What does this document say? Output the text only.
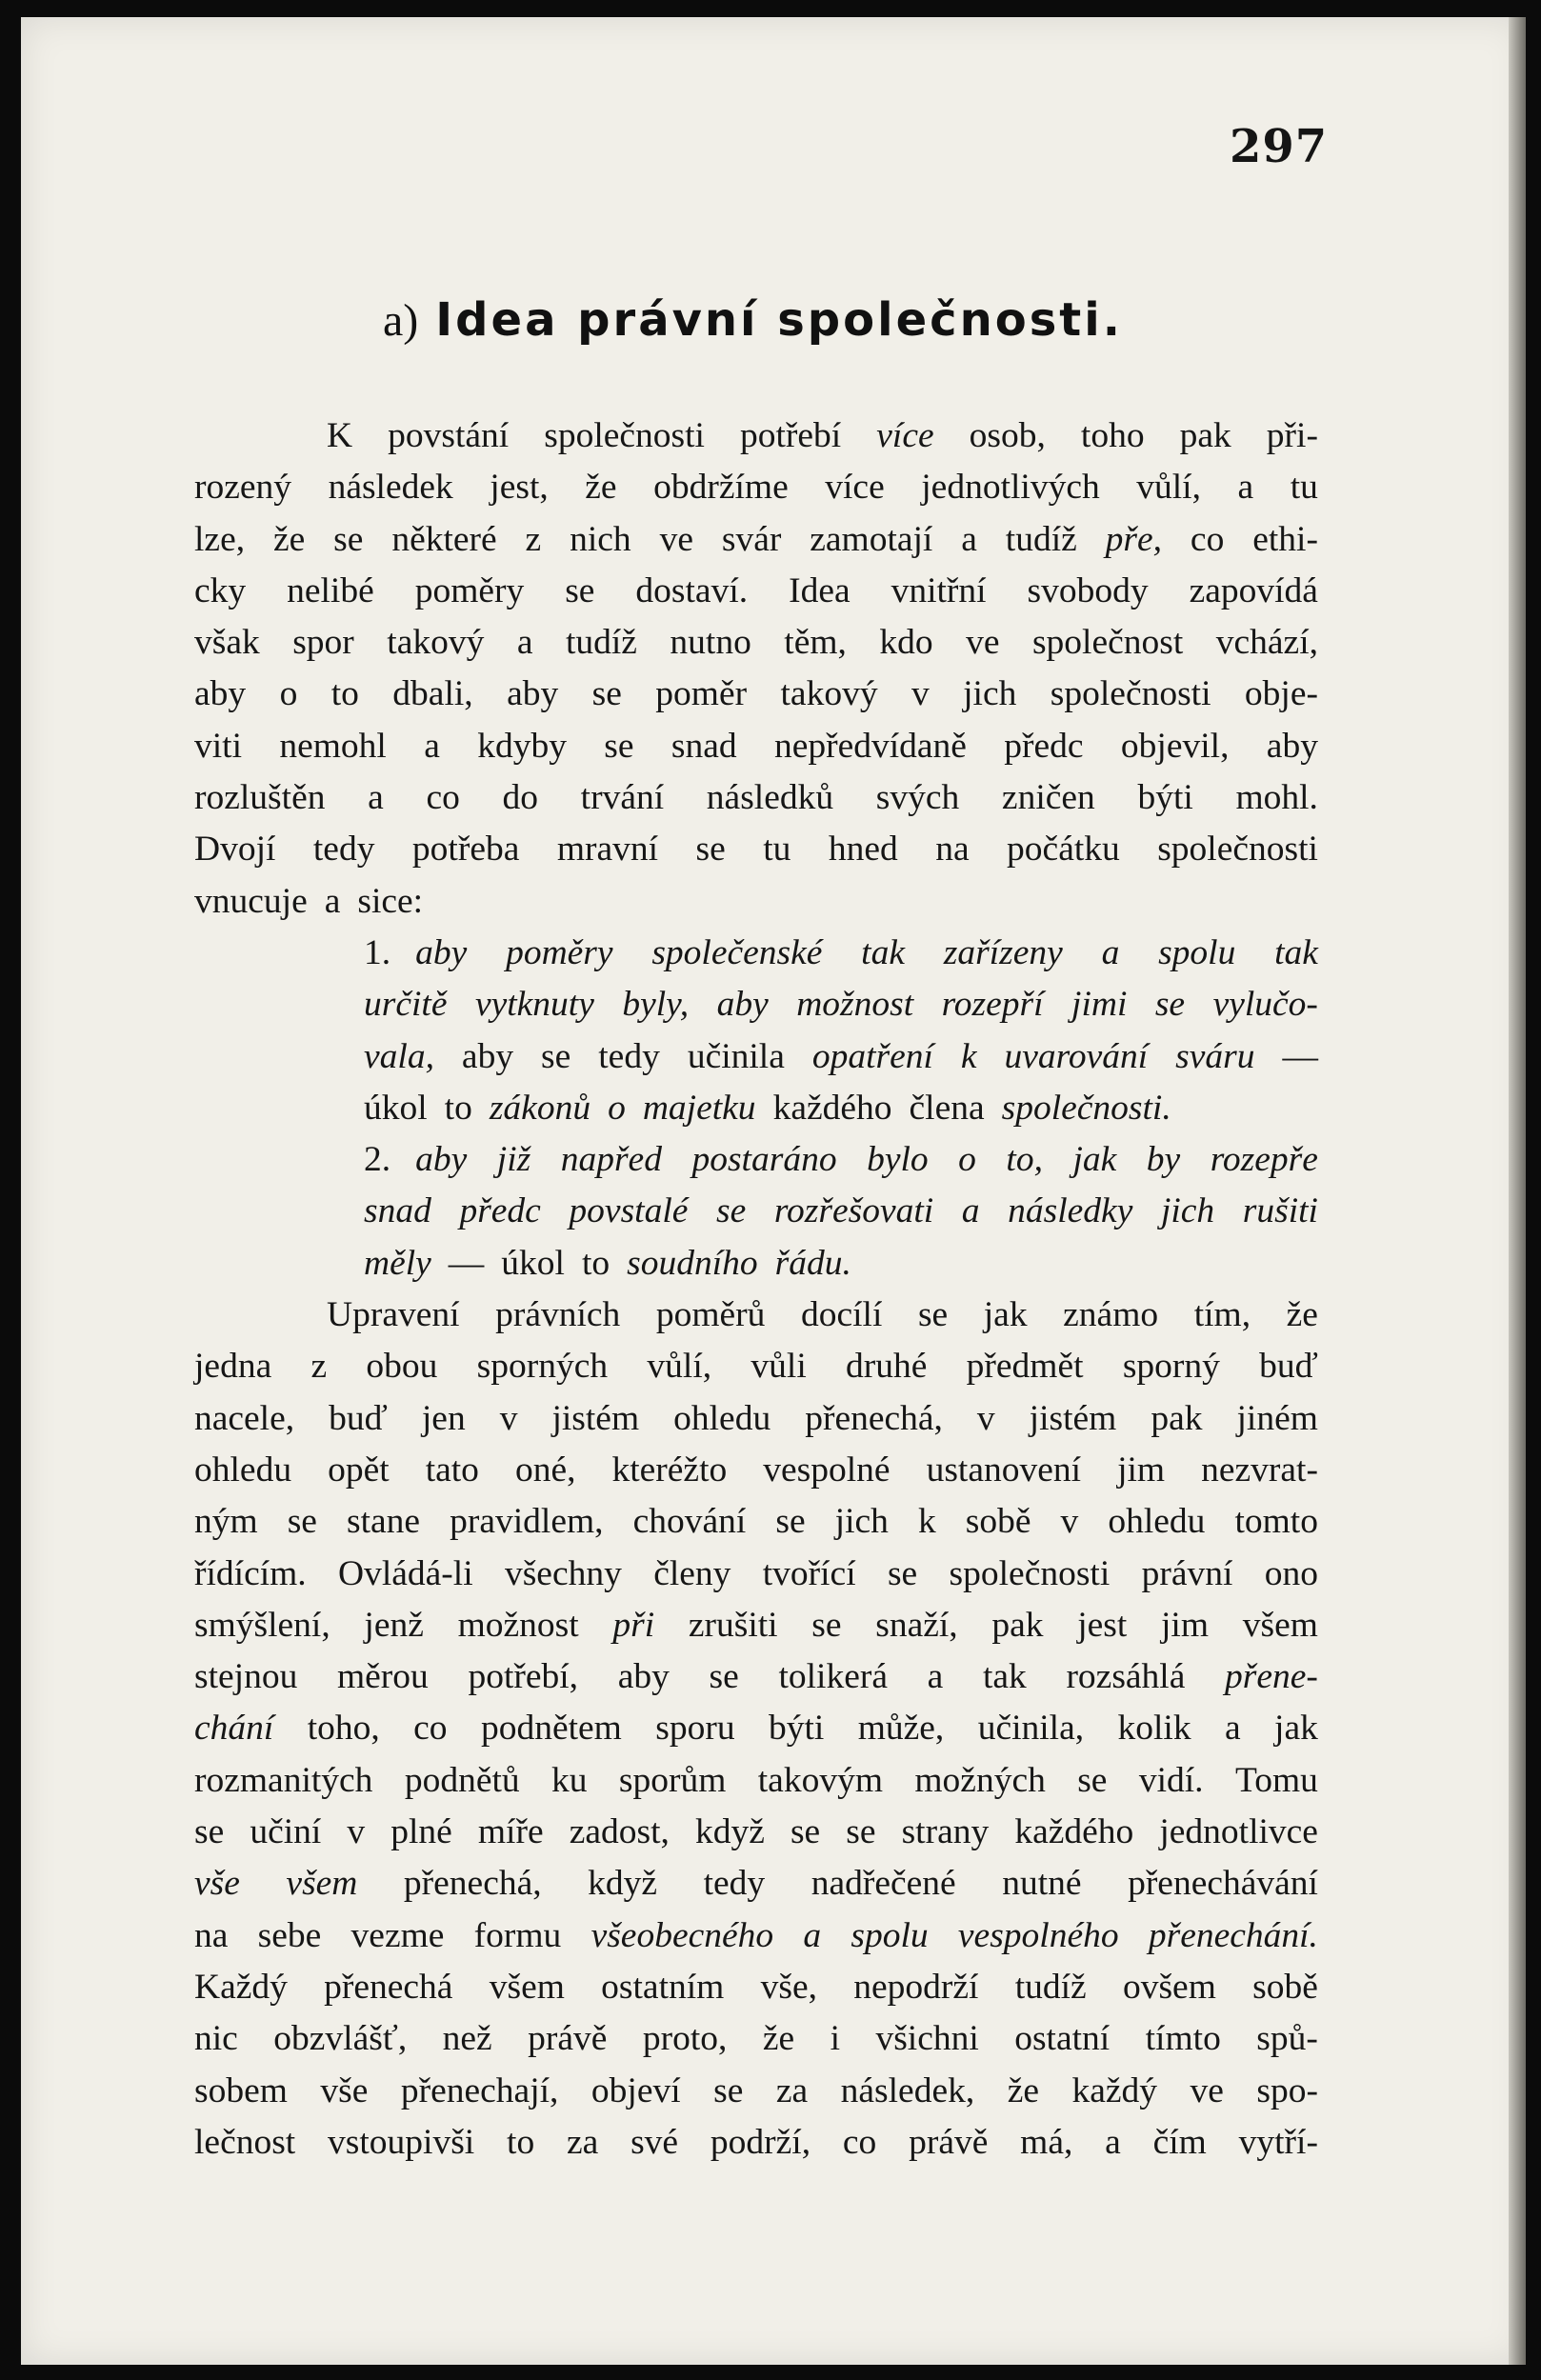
297
a) Idea právní společnosti.
K povstání společnosti potřebí více osob, toho pak při-
rozený následek jest, že obdržíme více jednotlivých vůlí, a tu
lze, že se některé z nich ve svár zamotají a tudíž pře, co ethi-
cky nelibé poměry se dostaví. Idea vnitřní svobody zapovídá
však spor takový a tudíž nutno těm, kdo ve společnost vchází,
aby o to dbali, aby se poměr takový v jich společnosti obje-
viti nemohl a kdyby se snad nepředvídaně předc objevil, aby
rozluštěn a co do trvání následků svých zničen býti mohl.
Dvojí tedy potřeba mravní se tu hned na počátku společnosti
vnucuje a sice:
1. aby poměry společenské tak zařízeny a spolu tak
určitě vytknuty byly, aby možnost rozepří jimi se vylučo-
vala, aby se tedy učinila opatření k uvarování sváru —
úkol to zákonů o majetku každého člena společnosti.
2. aby již napřed postaráno bylo o to, jak by rozepře
snad předc povstalé se rozřešovati a následky jich rušiti
měly — úkol to soudního řádu.
Upravení právních poměrů docílí se jak známo tím, že
jedna z obou sporných vůlí, vůli druhé předmět sporný buď
nacele, buď jen v jistém ohledu přenechá, v jistém pak jiném
ohledu opět tato oné, kteréžto vespolné ustanovení jim nezvrat-
ným se stane pravidlem, chování se jich k sobě v ohledu tomto
řídícím. Ovládá-li všechny členy tvořící se společnosti právní ono
smýšlení, jenž možnost při zrušiti se snaží, pak jest jim všem
stejnou měrou potřebí, aby se tolikerá a tak rozsáhlá přene-
chání toho, co podnětem sporu býti může, učinila, kolik a jak
rozmanitých podnětů ku sporům takovým možných se vidí. Tomu
se učiní v plné míře zadost, když se se strany každého jednotlivce
vše všem přenechá, když tedy nadřečené nutné přenechávání
na sebe vezme formu všeobecného a spolu vespolného přenechání.
Každý přenechá všem ostatním vše, nepodrží tudíž ovšem sobě
nic obzvlášť, než právě proto, že i všichni ostatní tímto spů-
sobem vše přenechají, objeví se za následek, že každý ve spo-
lečnost vstoupivši to za své podrží, co právě má, a čím vytří-
